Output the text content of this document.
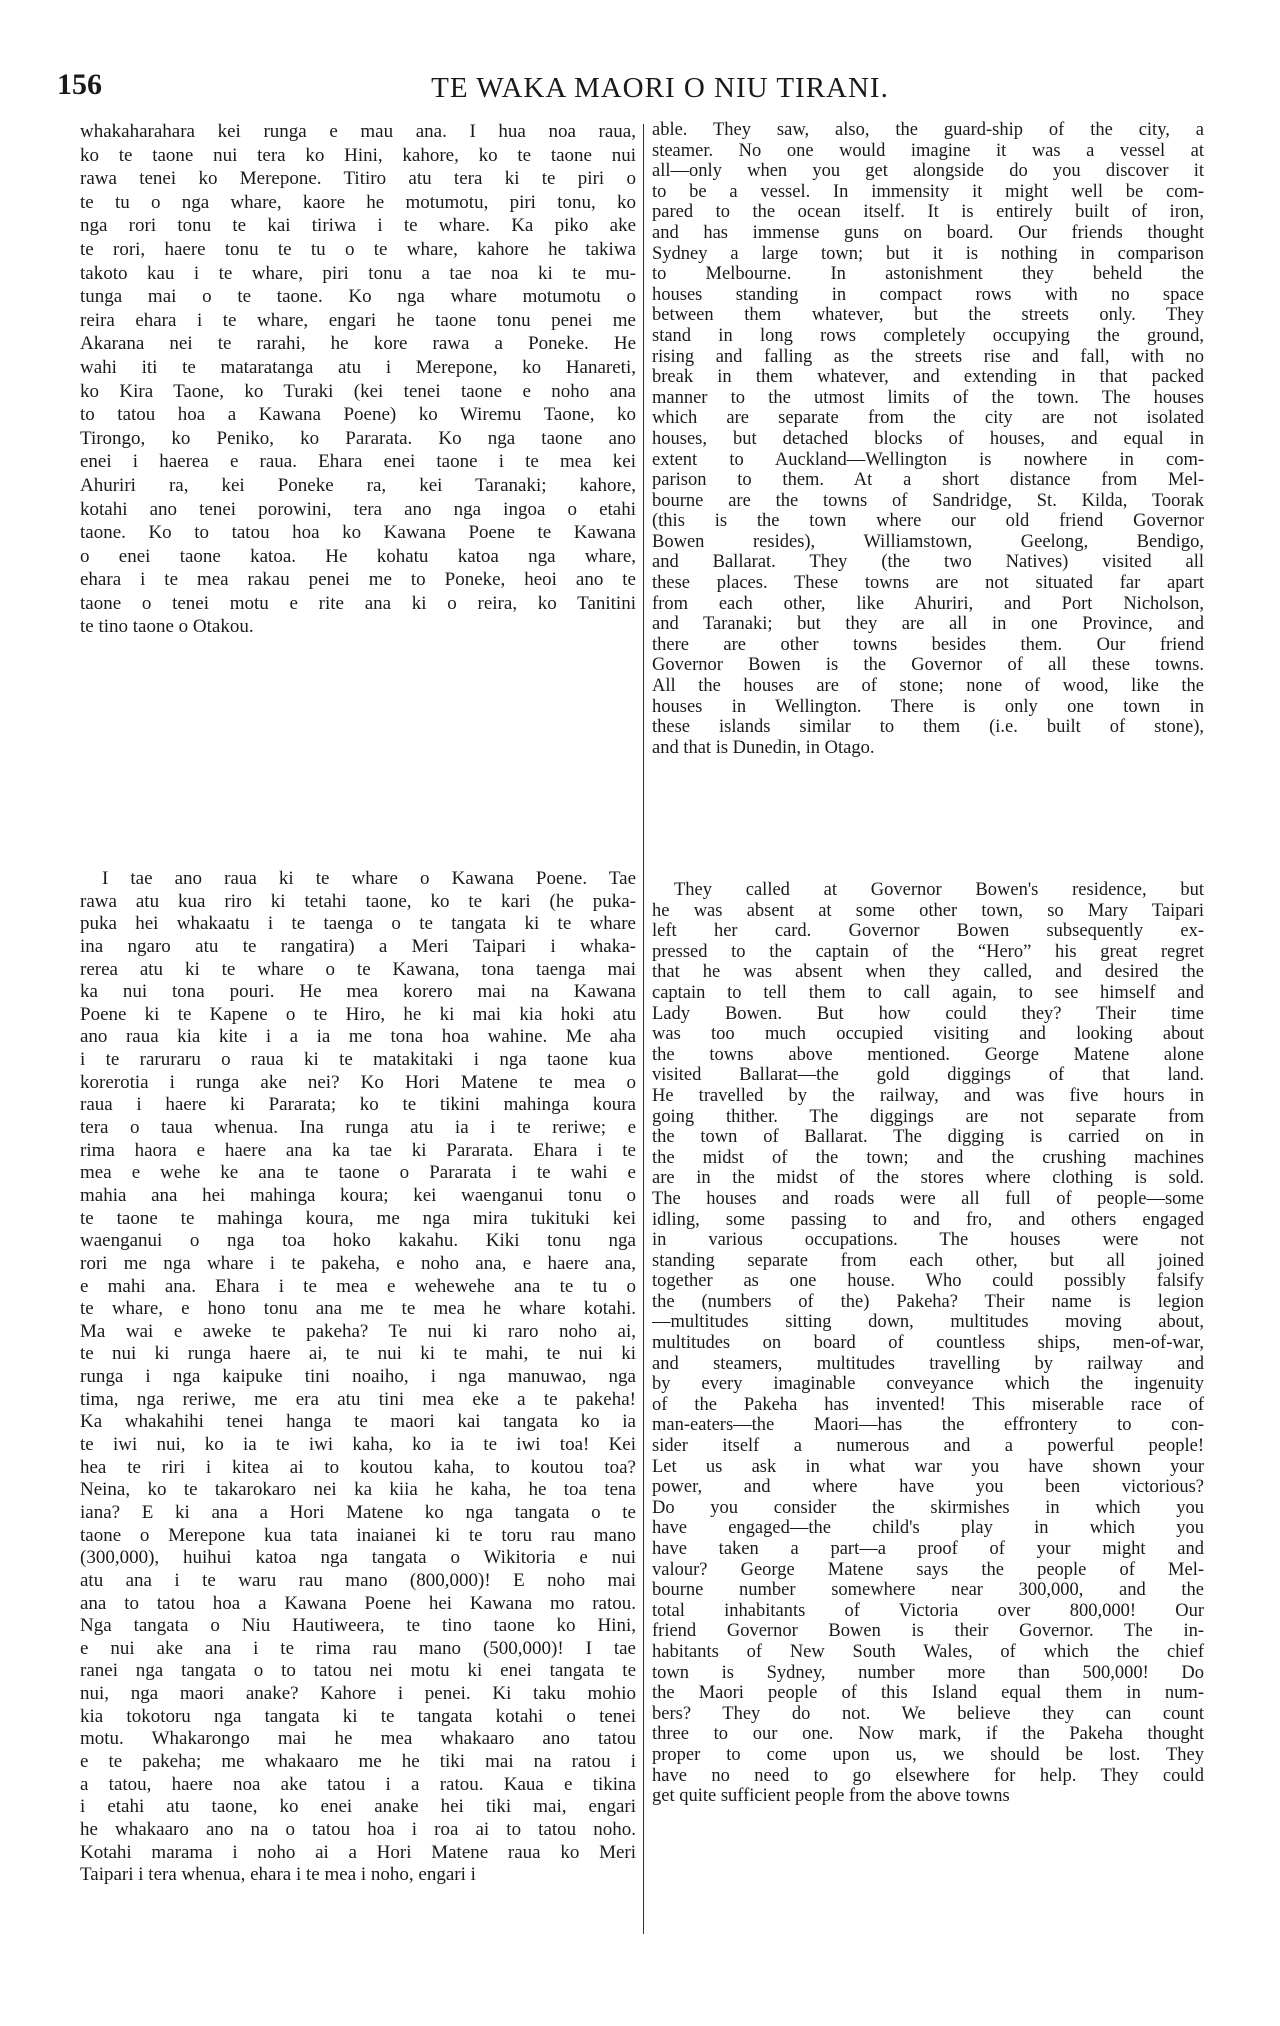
156	TE WAKA MAORI O NIU TIRANI.
whakaharahara kei runga e mau ana. I hua noa raua,
ko te taone nui tera ko Hini, kahore, ko te taone nui
rawa tenei ko Merepone. Titiro atu tera ki te piri o
te tu o nga whare, kaore he motumotu, piri tonu, ko
nga rori tonu te kai tiriwa i te whare. Ka piko ake
te rori, haere tonu te tu o te whare, kahore he takiwa
takoto kau i te whare, piri tonu a tae noa ki te mu-
tunga mai o te taone. Ko nga whare motumotu o
reira ehara i te whare, engari he taone tonu penei me
Akarana nei te rarahi, he kore rawa a Poneke. He
wahi iti te mataratanga atu i Merepone, ko Hanareti,
ko Kira Taone, ko Turaki (kei tenei taone e noho ana
to tatou hoa a Kawana Poene) ko Wiremu Taone, ko
Tirongo, ko Peniko, ko Pararata. Ko nga taone ano
enei i haerea e raua. Ehara enei taone i te mea kei
Ahuriri ra, kei Poneke ra, kei Taranaki; kahore,
kotahi ano tenei porowini, tera ano nga ingoa o etahi
taone. Ko to tatou hoa ko Kawana Poene te Kawana
o enei taone katoa. He kohatu katoa nga whare,
ehara i te mea rakau penei me to Poneke, heoi ano te
taone o tenei motu e rite ana ki o reira, ko Tanitini
te tino taone o Otakou.
I tae ano raua ki te whare o Kawana Poene. Tae
rawa atu kua riro ki tetahi taone, ko te kari (he puka-
puka hei whakaatu i te taenga o te tangata ki te whare
ina ngaro atu te rangatira) a Meri Taipari i whaka-
rerea atu ki te whare o te Kawana, tona taenga mai
ka nui tona pouri. He mea korero mai na Kawana
Poene ki te Kapene o te Hiro, he ki mai kia hoki atu
ano raua kia kite i a ia me tona hoa wahine. Me aha
i te raruraru o raua ki te matakitaki i nga taone kua
korerotia i runga ake nei? Ko Hori Matene te mea o
raua i haere ki Pararata; ko te tikini mahinga koura
tera o taua whenua. Ina runga atu ia i te reriwe; e
rima haora e haere ana ka tae ki Pararata. Ehara i te
mea e wehe ke ana te taone o Pararata i te wahi e
mahia ana hei mahinga koura; kei waenganui tonu o
te taone te mahinga koura, me nga mira tukituki kei
waenganui o nga toa hoko kakahu. Kiki tonu nga
rori me nga whare i te pakeha, e noho ana, e haere ana,
e mahi ana. Ehara i te mea e wehewehe ana te tu o
te whare, e hono tonu ana me te mea he whare kotahi.
Ma wai e aweke te pakeha? Te nui ki raro noho ai,
te nui ki runga haere ai, te nui ki te mahi, te nui ki
runga i nga kaipuke tini noaiho, i nga manuwao, nga
tima, nga reriwe, me era atu tini mea eke a te pakeha!
Ka whakahihi tenei hanga te maori kai tangata ko ia
te iwi nui, ko ia te iwi kaha, ko ia te iwi toa! Kei
hea te riri i kitea ai to koutou kaha, to koutou toa?
Neina, ko te takarokaro nei ka kiia he kaha, he toa tena
iana? E ki ana a Hori Matene ko nga tangata o te
taone o Merepone kua tata inaianei ki te toru rau mano
(300,000), huihui katoa nga tangata o Wikitoria e nui
atu ana i te waru rau mano (800,000)! E noho mai
ana to tatou hoa a Kawana Poene hei Kawana mo ratou.
Nga tangata o Niu Hautiweera, te tino taone ko Hini,
e nui ake ana i te rima rau mano (500,000)! I tae
ranei nga tangata o to tatou nei motu ki enei tangata te
nui, nga maori anake? Kahore i penei. Ki taku mohio
kia tokotoru nga tangata ki te tangata kotahi o tenei
motu. Whakarongo mai he mea whakaaro ano tatou
e te pakeha; me whakaaro me he tiki mai na ratou i
a tatou, haere noa ake tatou i a ratou. Kaua e tikina
i etahi atu taone, ko enei anake hei tiki mai, engari
he whakaaro ano na o tatou hoa i roa ai to tatou noho.
Kotahi marama i noho ai a Hori Matene raua ko Meri
Taipari i tera whenua, ehara i te mea i noho, engari i
able. They saw, also, the guard-ship of the city, a
steamer. No one would imagine it was a vessel at
all—only when you get alongside do you discover it
to be a vessel. In immensity it might well be com-
pared to the ocean itself. It is entirely built of iron,
and has immense guns on board. Our friends thought
Sydney a large town; but it is nothing in comparison
to Melbourne. In astonishment they beheld the
houses standing in compact rows with no space
between them whatever, but the streets only. They
stand in long rows completely occupying the ground,
rising and falling as the streets rise and fall, with no
break in them whatever, and extending in that packed
manner to the utmost limits of the town. The houses
which are separate from the city are not isolated
houses, but detached blocks of houses, and equal in
extent to Auckland—Wellington is nowhere in com-
parison to them. At a short distance from Mel-
bourne are the towns of Sandridge, St. Kilda, Toorak
(this is the town where our old friend Governor
Bowen resides), Williamstown, Geelong, Bendigo,
and Ballarat. They (the two Natives) visited all
these places. These towns are not situated far apart
from each other, like Ahuriri, and Port Nicholson,
and Taranaki; but they are all in one Province, and
there are other towns besides them. Our friend
Governor Bowen is the Governor of all these towns.
All the houses are of stone; none of wood, like the
houses in Wellington. There is only one town in
these islands similar to them (i.e. built of stone),
and that is Dunedin, in Otago.
They called at Governor Bowen's residence, but
he was absent at some other town, so Mary Taipari
left her card. Governor Bowen subsequently ex-
pressed to the captain of the “Hero” his great regret
that he was absent when they called, and desired the
captain to tell them to call again, to see himself and
Lady Bowen. But how could they? Their time
was too much occupied visiting and looking about
the towns above mentioned. George Matene alone
visited Ballarat—the gold diggings of that land.
He travelled by the railway, and was five hours in
going thither. The diggings are not separate from
the town of Ballarat. The digging is carried on in
the midst of the town; and the crushing machines
are in the midst of the stores where clothing is sold.
The houses and roads were all full of people—some
idling, some passing to and fro, and others engaged
in various occupations. The houses were not
standing separate from each other, but all joined
together as one house. Who could possibly falsify
the (numbers of the) Pakeha? Their name is legion
—multitudes sitting down, multitudes moving about,
multitudes on board of countless ships, men-of-war,
and steamers, multitudes travelling by railway and
by every imaginable conveyance which the ingenuity
of the Pakeha has invented! This miserable race of
man-eaters—the Maori—has the effrontery to con-
sider itself a numerous and a powerful people!
Let us ask in what war you have shown your
power, and where have you been victorious?
Do you consider the skirmishes in which you
have engaged—the child's play in which you
have taken a part—a proof of your might and
valour? George Matene says the people of Mel-
bourne number somewhere near 300,000, and the
total inhabitants of Victoria over 800,000! Our
friend Governor Bowen is their Governor. The in-
habitants of New South Wales, of which the chief
town is Sydney, number more than 500,000! Do
the Maori people of this Island equal them in num-
bers? They do not. We believe they can count
three to our one. Now mark, if the Pakeha thought
proper to come upon us, we should be lost. They
have no need to go elsewhere for help. They could
get quite sufficient people from the above towns
